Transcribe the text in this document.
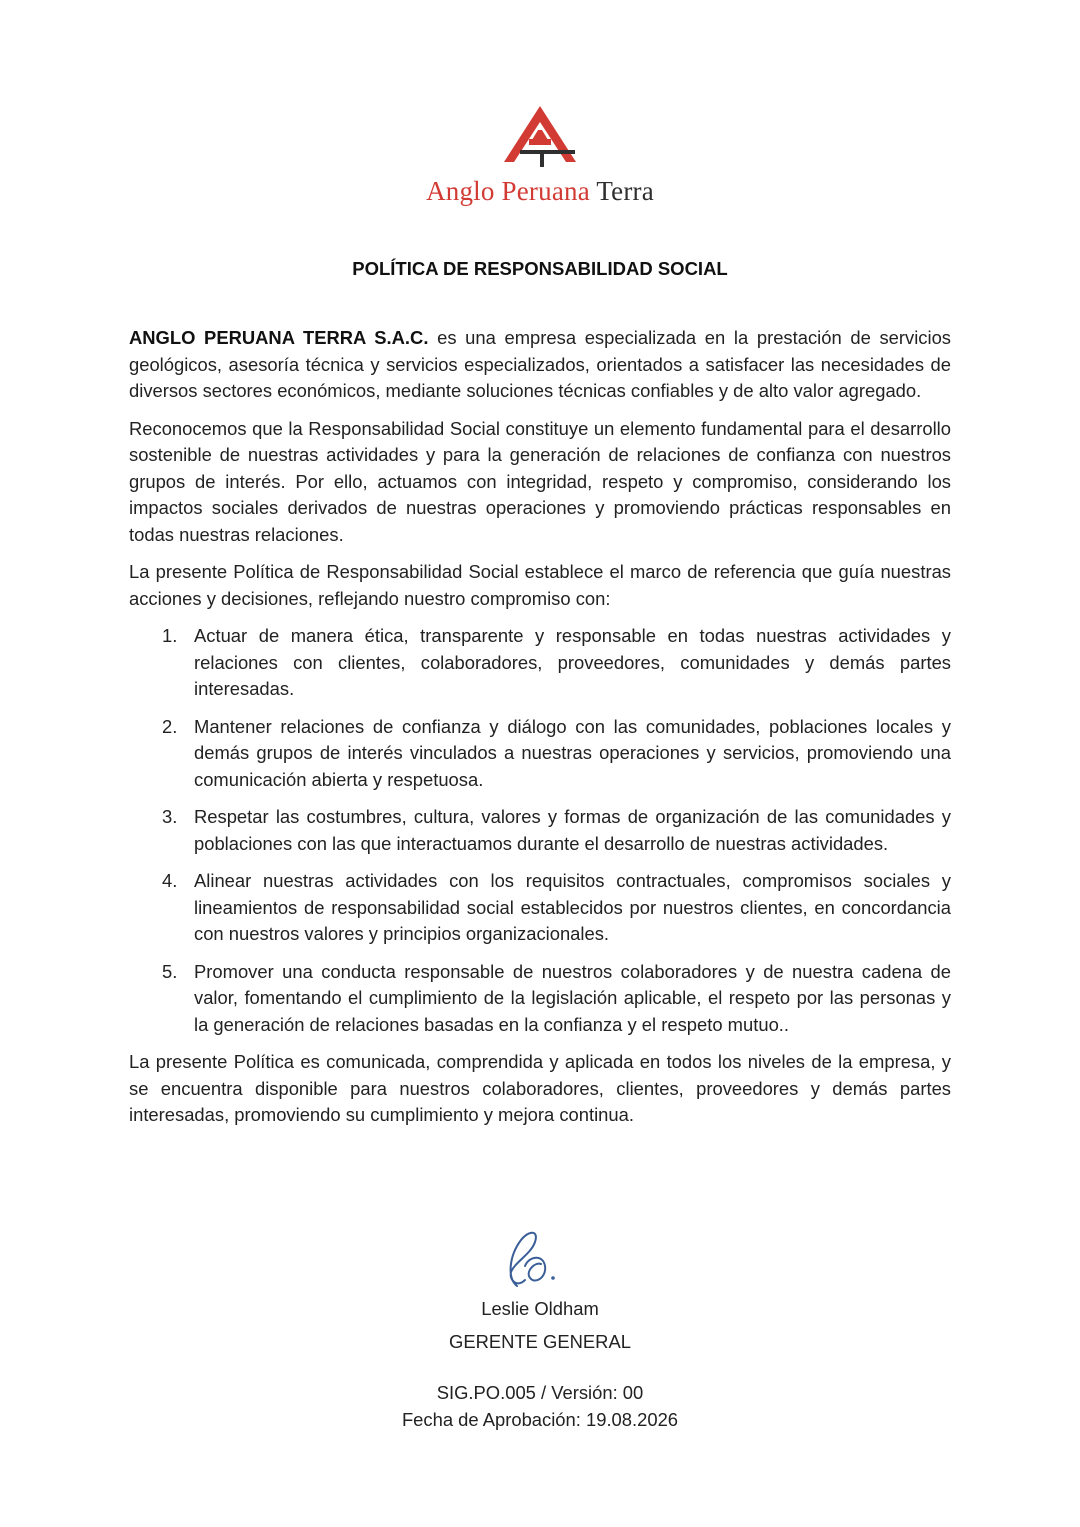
Anglo Peruana Terra
POLÍTICA DE RESPONSABILIDAD SOCIAL

ANGLO PERUANA TERRA S.A.C. es una empresa especializada en la prestación de servicios geológicos, asesoría técnica y servicios especializados, orientados a satisfacer las necesidades de diversos sectores económicos, mediante soluciones técnicas confiables y de alto valor agregado.

Reconocemos que la Responsabilidad Social constituye un elemento fundamental para el desarrollo sostenible de nuestras actividades y para la generación de relaciones de confianza con nuestros grupos de interés. Por ello, actuamos con integridad, respeto y compromiso, considerando los impactos sociales derivados de nuestras operaciones y promoviendo prácticas responsables en todas nuestras relaciones.

La presente Política de Responsabilidad Social establece el marco de referencia que guía nuestras acciones y decisiones, reflejando nuestro compromiso con:

1. Actuar de manera ética, transparente y responsable en todas nuestras actividades y relaciones con clientes, colaboradores, proveedores, comunidades y demás partes interesadas.
2. Mantener relaciones de confianza y diálogo con las comunidades, poblaciones locales y demás grupos de interés vinculados a nuestras operaciones y servicios, promoviendo una comunicación abierta y respetuosa.
3. Respetar las costumbres, cultura, valores y formas de organización de las comunidades y poblaciones con las que interactuamos durante el desarrollo de nuestras actividades.
4. Alinear nuestras actividades con los requisitos contractuales, compromisos sociales y lineamientos de responsabilidad social establecidos por nuestros clientes, en concordancia con nuestros valores y principios organizacionales.
5. Promover una conducta responsable de nuestros colaboradores y de nuestra cadena de valor, fomentando el cumplimiento de la legislación aplicable, el respeto por las personas y la generación de relaciones basadas en la confianza y el respeto mutuo..

La presente Política es comunicada, comprendida y aplicada en todos los niveles de la empresa, y se encuentra disponible para nuestros colaboradores, clientes, proveedores y demás partes interesadas, promoviendo su cumplimiento y mejora continua.

Leslie Oldham
GERENTE GENERAL
SIG.PO.005 / Versión: 00
Fecha de Aprobación: 19.08.2026
